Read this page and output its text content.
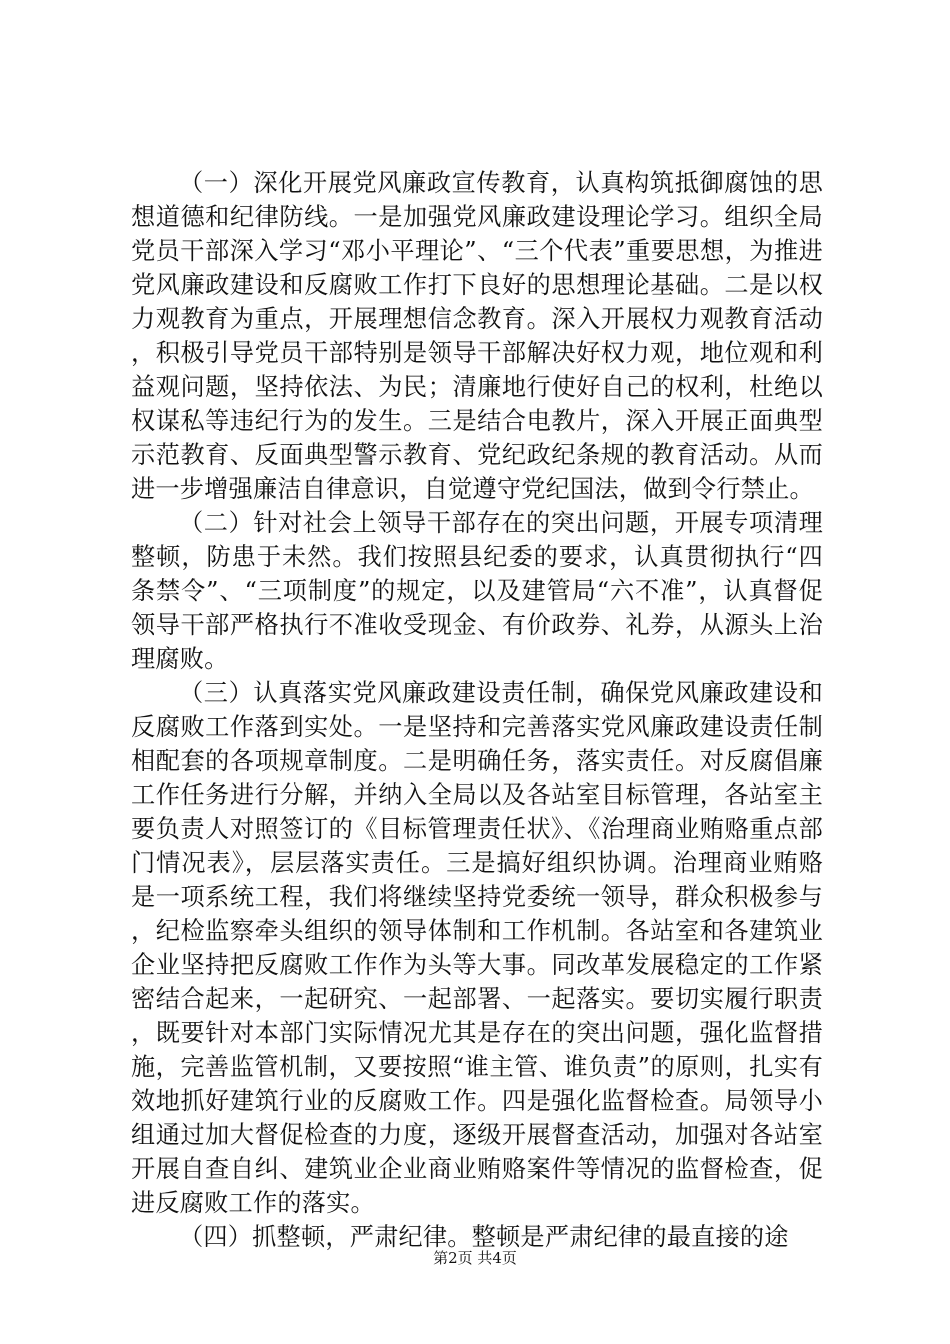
（一）深化开展党风廉政宣传教育，认真构筑抵御腐蚀的思想道德和纪律防线。一是加强党风廉政建设理论学习。组织全局党员干部深入学习“邓小平理论”、“三个代表”重要思想，为推进党风廉政建设和反腐败工作打下良好的思想理论基础。二是以权力观教育为重点，开展理想信念教育。深入开展权力观教育活动，积极引导党员干部特别是领导干部解决好权力观，地位观和利益观问题，坚持依法、为民；清廉地行使好自己的权利，杜绝以权谋私等违纪行为的发生。三是结合电教片，深入开展正面典型示范教育、反面典型警示教育、党纪政纪条规的教育活动。从而进一步增强廉洁自律意识，自觉遵守党纪国法，做到令行禁止。

（二）针对社会上领导干部存在的突出问题，开展专项清理整顿，防患于未然。我们按照县纪委的要求，认真贯彻执行“四条禁令”、“三项制度”的规定，以及建管局“六不准”，认真督促领导干部严格执行不准收受现金、有价政券、礼券，从源头上治理腐败。

（三）认真落实党风廉政建设责任制，确保党风廉政建设和反腐败工作落到实处。一是坚持和完善落实党风廉政建设责任制相配套的各项规章制度。二是明确任务，落实责任。对反腐倡廉工作任务进行分解，并纳入全局以及各站室目标管理，各站室主要负责人对照签订的《目标管理责任状》、《治理商业贿赂重点部门情况表》，层层落实责任。三是搞好组织协调。治理商业贿赂是一项系统工程，我们将继续坚持党委统一领导，群众积极参与，纪检监察牵头组织的领导体制和工作机制。各站室和各建筑业企业坚持把反腐败工作作为头等大事。同改革发展稳定的工作紧密结合起来，一起研究、一起部署、一起落实。要切实履行职责，既要针对本部门实际情况尤其是存在的突出问题，强化监督措施，完善监管机制，又要按照“谁主管、谁负责”的原则，扎实有效地抓好建筑行业的反腐败工作。四是强化监督检查。局领导小组通过加大督促检查的力度，逐级开展督查活动，加强对各站室开展自查自纠、建筑业企业商业贿赂案件等情况的监督检查，促进反腐败工作的落实。

（四）抓整顿，严肃纪律。整顿是严肃纪律的最直接的途

第2页 共4页
